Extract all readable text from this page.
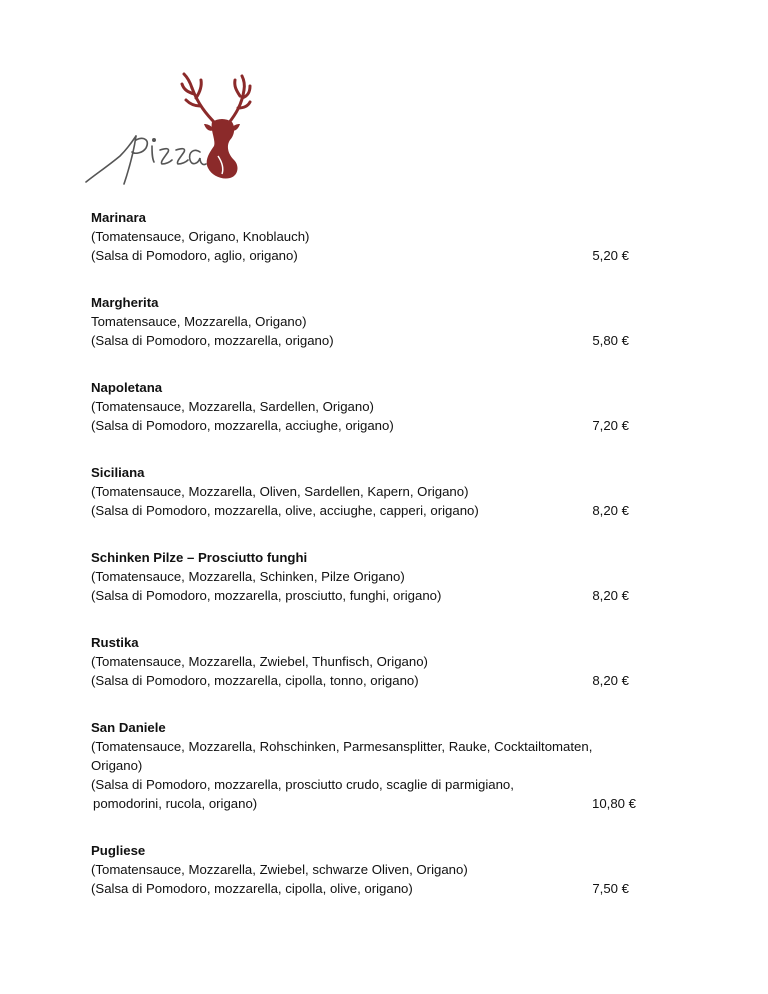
Marinara
(Tomatensauce, Origano, Knoblauch)
(Salsa di Pomodoro, aglio, origano)	5,20 €
Margherita
Tomatensauce, Mozzarella, Origano)
(Salsa di Pomodoro, mozzarella, origano)	5,80 €
Napoletana
(Tomatensauce, Mozzarella, Sardellen, Origano)
(Salsa di Pomodoro, mozzarella, acciughe, origano)	7,20 €
Siciliana
(Tomatensauce, Mozzarella, Oliven, Sardellen, Kapern, Origano)
(Salsa di Pomodoro, mozzarella, olive, acciughe, capperi, origano)	8,20 €
Schinken Pilze – Prosciutto funghi
(Tomatensauce, Mozzarella, Schinken, Pilze Origano)
(Salsa di Pomodoro, mozzarella, prosciutto, funghi, origano)	8,20 €
Rustika
(Tomatensauce, Mozzarella, Zwiebel, Thunfisch, Origano)
(Salsa di Pomodoro, mozzarella, cipolla, tonno, origano)	8,20 €
San Daniele
(Tomatensauce, Mozzarella, Rohschinken, Parmesansplitter, Rauke, Cocktailtomaten,
Origano)
(Salsa di Pomodoro, mozzarella, prosciutto crudo, scaglie di parmigiano,
pomodorini, rucola, origano)	10,80 €
Pugliese
(Tomatensauce, Mozzarella, Zwiebel, schwarze Oliven, Origano)
(Salsa di Pomodoro, mozzarella, cipolla, olive, origano)	7,50 €
